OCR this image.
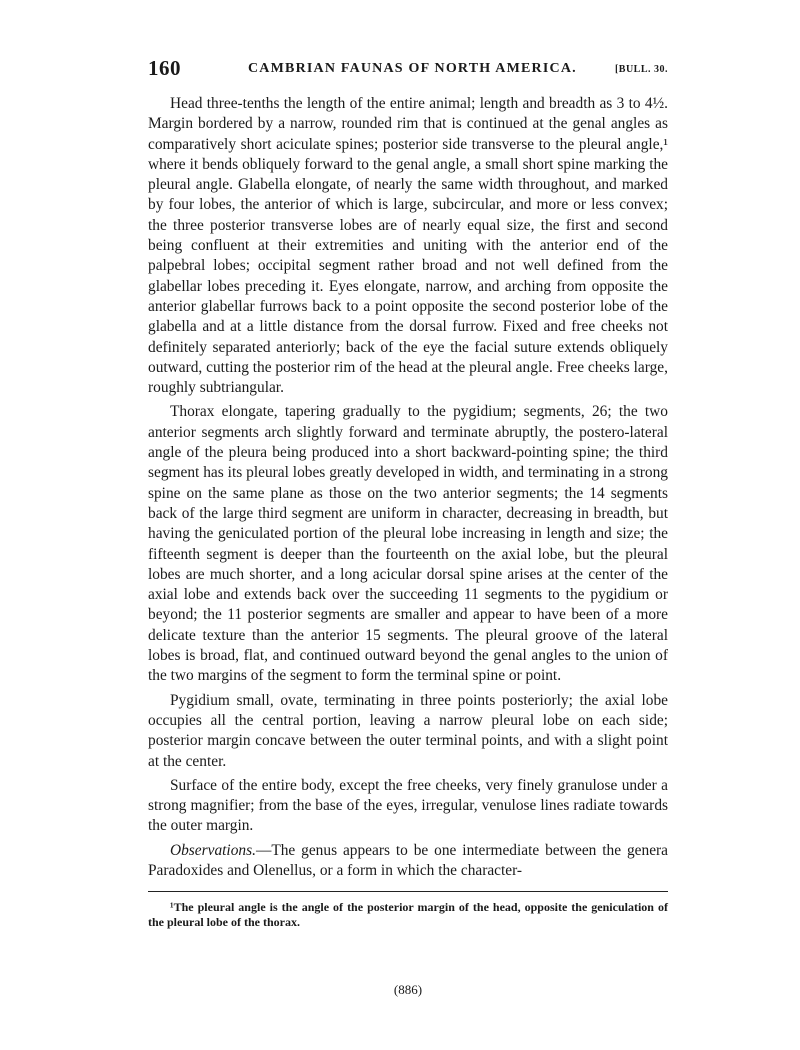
160	CAMBRIAN FAUNAS OF NORTH AMERICA.	[BULL. 30.

Head three-tenths the length of the entire animal; length and breadth as 3 to 4½. Margin bordered by a narrow, rounded rim that is continued at the genal angles as comparatively short aciculate spines; posterior side transverse to the pleural angle,¹ where it bends obliquely forward to the genal angle, a small short spine marking the pleural angle. Glabella elongate, of nearly the same width throughout, and marked by four lobes, the anterior of which is large, subcircular, and more or less convex; the three posterior transverse lobes are of nearly equal size, the first and second being confluent at their extremities and uniting with the anterior end of the palpebral lobes; occipital segment rather broad and not well defined from the glabellar lobes preceding it. Eyes elongate, narrow, and arching from opposite the anterior glabellar furrows back to a point opposite the second posterior lobe of the glabella and at a little distance from the dorsal furrow. Fixed and free cheeks not definitely separated anteriorly; back of the eye the facial suture extends obliquely outward, cutting the posterior rim of the head at the pleural angle. Free cheeks large, roughly subtriangular.

Thorax elongate, tapering gradually to the pygidium; segments, 26; the two anterior segments arch slightly forward and terminate abruptly, the postero-lateral angle of the pleura being produced into a short backward-pointing spine; the third segment has its pleural lobes greatly developed in width, and terminating in a strong spine on the same plane as those on the two anterior segments; the 14 segments back of the large third segment are uniform in character, decreasing in breadth, but having the geniculated portion of the pleural lobe increasing in length and size; the fifteenth segment is deeper than the fourteenth on the axial lobe, but the pleural lobes are much shorter, and a long acicular dorsal spine arises at the center of the axial lobe and extends back over the succeeding 11 segments to the pygidium or beyond; the 11 posterior segments are smaller and appear to have been of a more delicate texture than the anterior 15 segments. The pleural groove of the lateral lobes is broad, flat, and continued outward beyond the genal angles to the union of the two margins of the segment to form the terminal spine or point.

Pygidium small, ovate, terminating in three points posteriorly; the axial lobe occupies all the central portion, leaving a narrow pleural lobe on each side; posterior margin concave between the outer terminal points, and with a slight point at the center.

Surface of the entire body, except the free cheeks, very finely granulose under a strong magnifier; from the base of the eyes, irregular, venulose lines radiate towards the outer margin.

Observations.—The genus appears to be one intermediate between the genera Paradoxides and Olenellus, or a form in which the character-

¹The pleural angle is the angle of the posterior margin of the head, opposite the geniculation of the pleural lobe of the thorax.

(886)
